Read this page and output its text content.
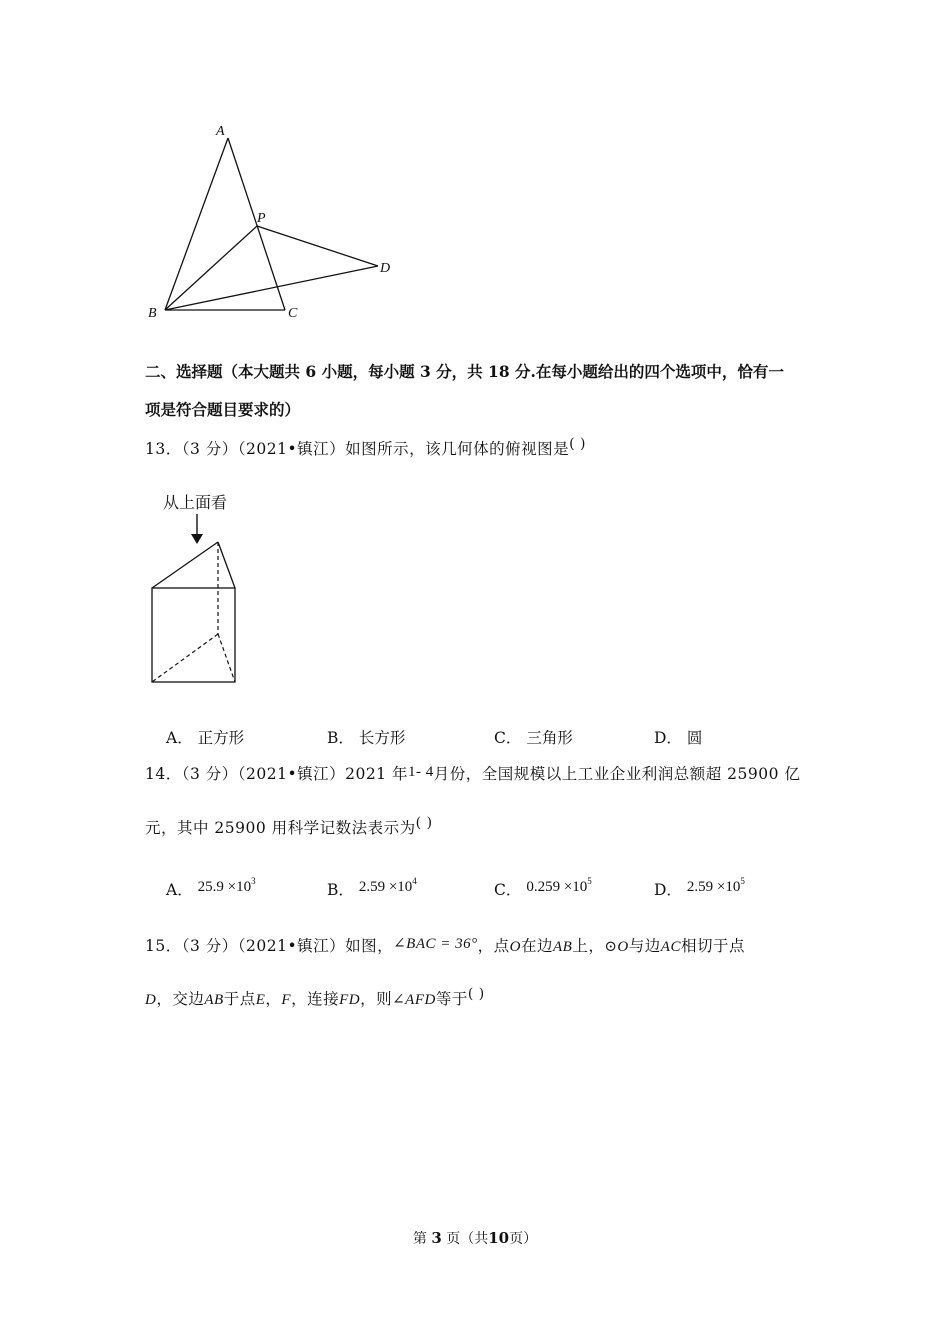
A
P
D
B	C
二、选择题（本大题共 6 小题，每小题 3 分，共 18 分.在每小题给出的四个选项中，恰有一
项是符合题目要求的）
13．（3 分）（2021•镇江）如图所示，该几何体的俯视图是( )
从上面看
A． 正方形	B． 长方形	C． 三角形	D． 圆
14．（3 分）（2021•镇江）2021 年1- 4月份，全国规模以上工业企业利润总额超 25900 亿
元，其中 25900 用科学记数法表示为( )
A． $25.9 \times 10^3$	B． $2.59 \times 10^4$	C． $0.259 \times 10^5$	D． $2.59 \times 10^5$
15．（3 分）（2021•镇江）如图，∠BAC = 36°，点O在边AB上，⊙O与边AC相切于点
D，交边AB于点E，F，连接FD，则∠AFD等于( )
第 3 页（共10页）
